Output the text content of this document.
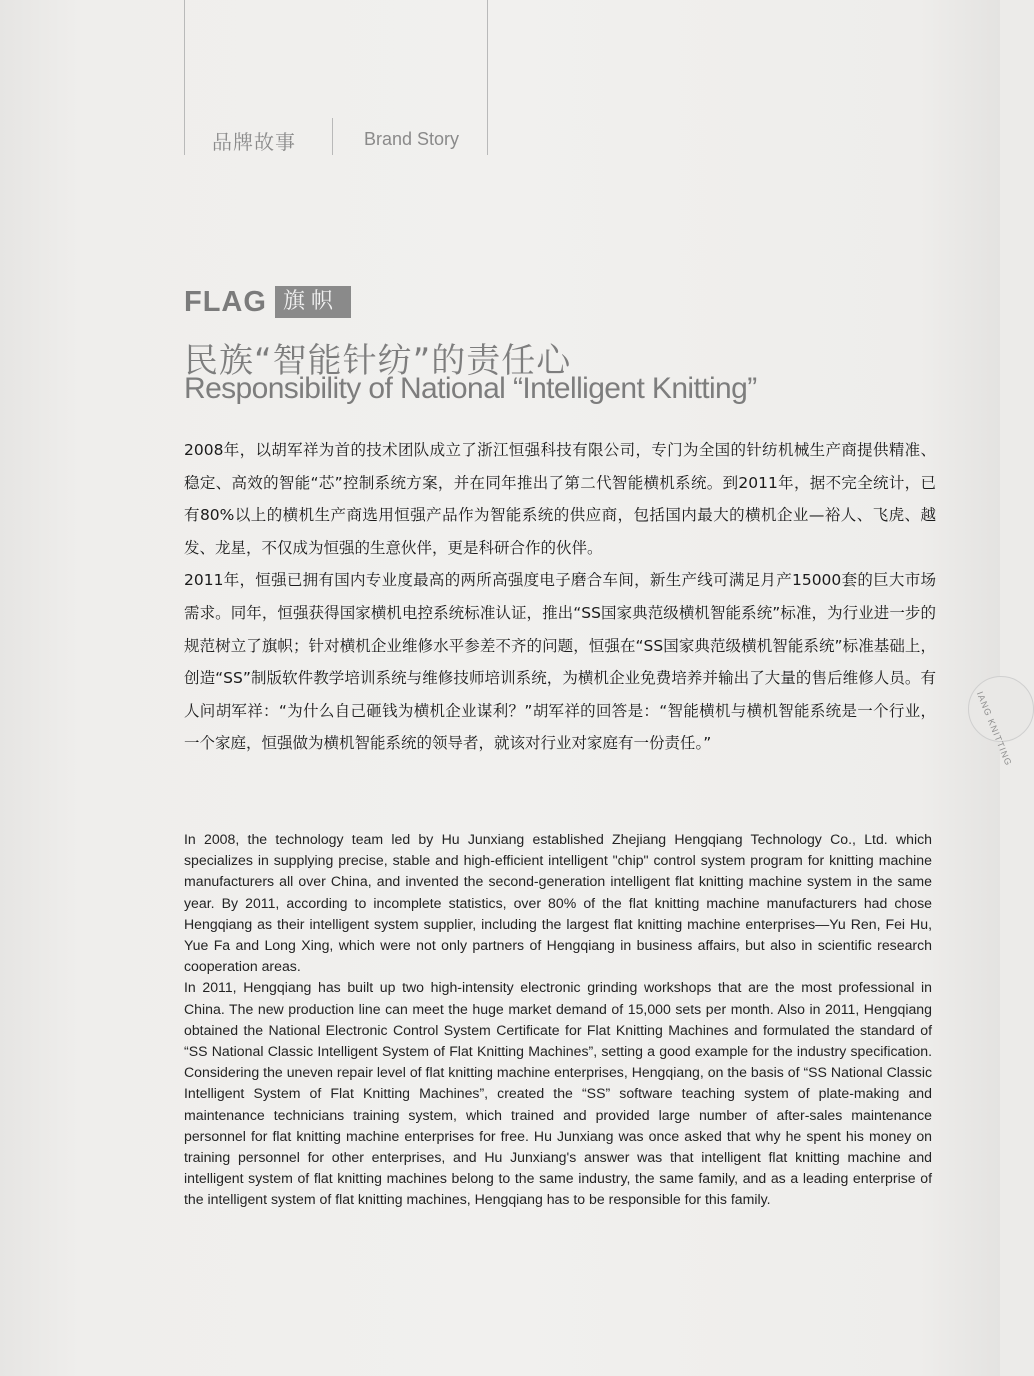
品牌故事	Brand Story
FLAG 旗帜
民族“智能针纺”的责任心
Responsibility of National “Intelligent Knitting”

2008年，以胡军祥为首的技术团队成立了浙江恒强科技有限公司，专门为全国的针纺机械生产商提供精准、稳定、高效的智能“芯”控制系统方案，并在同年推出了第二代智能横机系统。到2011年，据不完全统计，已有80%以上的横机生产商选用恒强产品作为智能系统的供应商，包括国内最大的横机企业—裕人、飞虎、越发、龙星，不仅成为恒强的生意伙伴，更是科研合作的伙伴。

2011年，恒强已拥有国内专业度最高的两所高强度电子磨合车间，新生产线可满足月产15000套的巨大市场需求。同年，恒强获得国家横机电控系统标准认证，推出“SS国家典范级横机智能系统”标准，为行业进一步的规范树立了旗帜；针对横机企业维修水平参差不齐的问题，恒强在“SS国家典范级横机智能系统”标准基础上，创造“SS”制版软件教学培训系统与维修技师培训系统，为横机企业免费培养并输出了大量的售后维修人员。有人问胡军祥：“为什么自己砸钱为横机企业谋利？”胡军祥的回答是：“智能横机与横机智能系统是一个行业，一个家庭，恒强做为横机智能系统的领导者，就该对行业对家庭有一份责任。”

In 2008, the technology team led by Hu Junxiang established Zhejiang Hengqiang Technology Co., Ltd. which specializes in supplying precise, stable and high-efficient intelligent "chip" control system program for knitting machine manufacturers all over China, and invented the second-generation intelligent flat knitting machine system in the same year. By 2011, according to incomplete statistics, over 80% of the flat knitting machine manufacturers had chose Hengqiang as their intelligent system supplier, including the largest flat knitting machine enterprises—Yu Ren, Fei Hu, Yue Fa and Long Xing, which were not only partners of Hengqiang in business affairs, but also in scientific research cooperation areas.

In 2011, Hengqiang has built up two high-intensity electronic grinding workshops that are the most professional in China. The new production line can meet the huge market demand of 15,000 sets per month. Also in 2011, Hengqiang obtained the National Electronic Control System Certificate for Flat Knitting Machines and formulated the standard of “SS National Classic Intelligent System of Flat Knitting Machines”, setting a good example for the industry specification. Considering the uneven repair level of flat knitting machine enterprises, Hengqiang, on the basis of “SS National Classic Intelligent System of Flat Knitting Machines”, created the “SS” software teaching system of plate-making and maintenance technicians training system, which trained and provided large number of after-sales maintenance personnel for flat knitting machine enterprises for free. Hu Junxiang was once asked that why he spent his money on training personnel for other enterprises, and Hu Junxiang's answer was that intelligent flat knitting machine and intelligent system of flat knitting machines belong to the same industry, the same family, and as a leading enterprise of the intelligent system of flat knitting machines, Hengqiang has to be responsible for this family.

IANG KNITTING
